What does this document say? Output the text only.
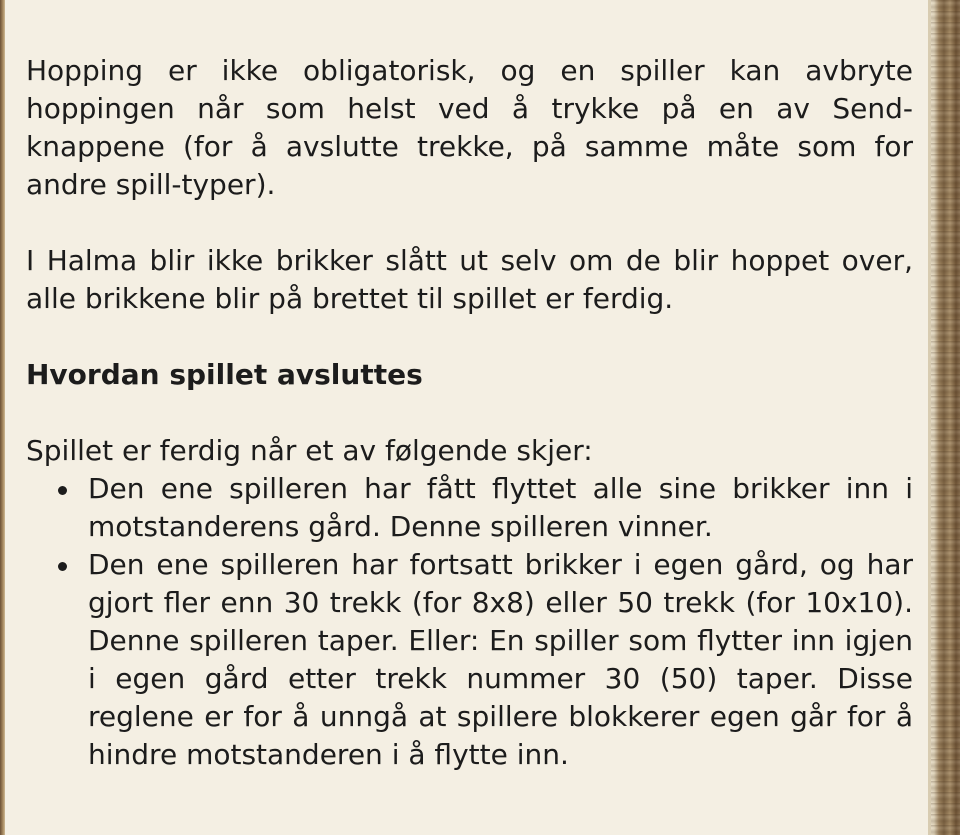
Hopping er ikke obligatorisk, og en spiller kan avbryte hoppingen når som helst ved å trykke på en av Send-knappene (for å avslutte trekke, på samme måte som for andre spill-typer).

I Halma blir ikke brikker slått ut selv om de blir hoppet over, alle brikkene blir på brettet til spillet er ferdig.

Hvordan spillet avsluttes

Spillet er ferdig når et av følgende skjer:

Den ene spilleren har fått flyttet alle sine brikker inn i motstanderens gård. Denne spilleren vinner.
Den ene spilleren har fortsatt brikker i egen gård, og har gjort fler enn 30 trekk (for 8x8) eller 50 trekk (for 10x10). Denne spilleren taper. Eller: En spiller som flytter inn igjen i egen gård etter trekk nummer 30 (50) taper. Disse reglene er for å unngå at spillere blokkerer egen går for å hindre motstanderen i å flytte inn.
